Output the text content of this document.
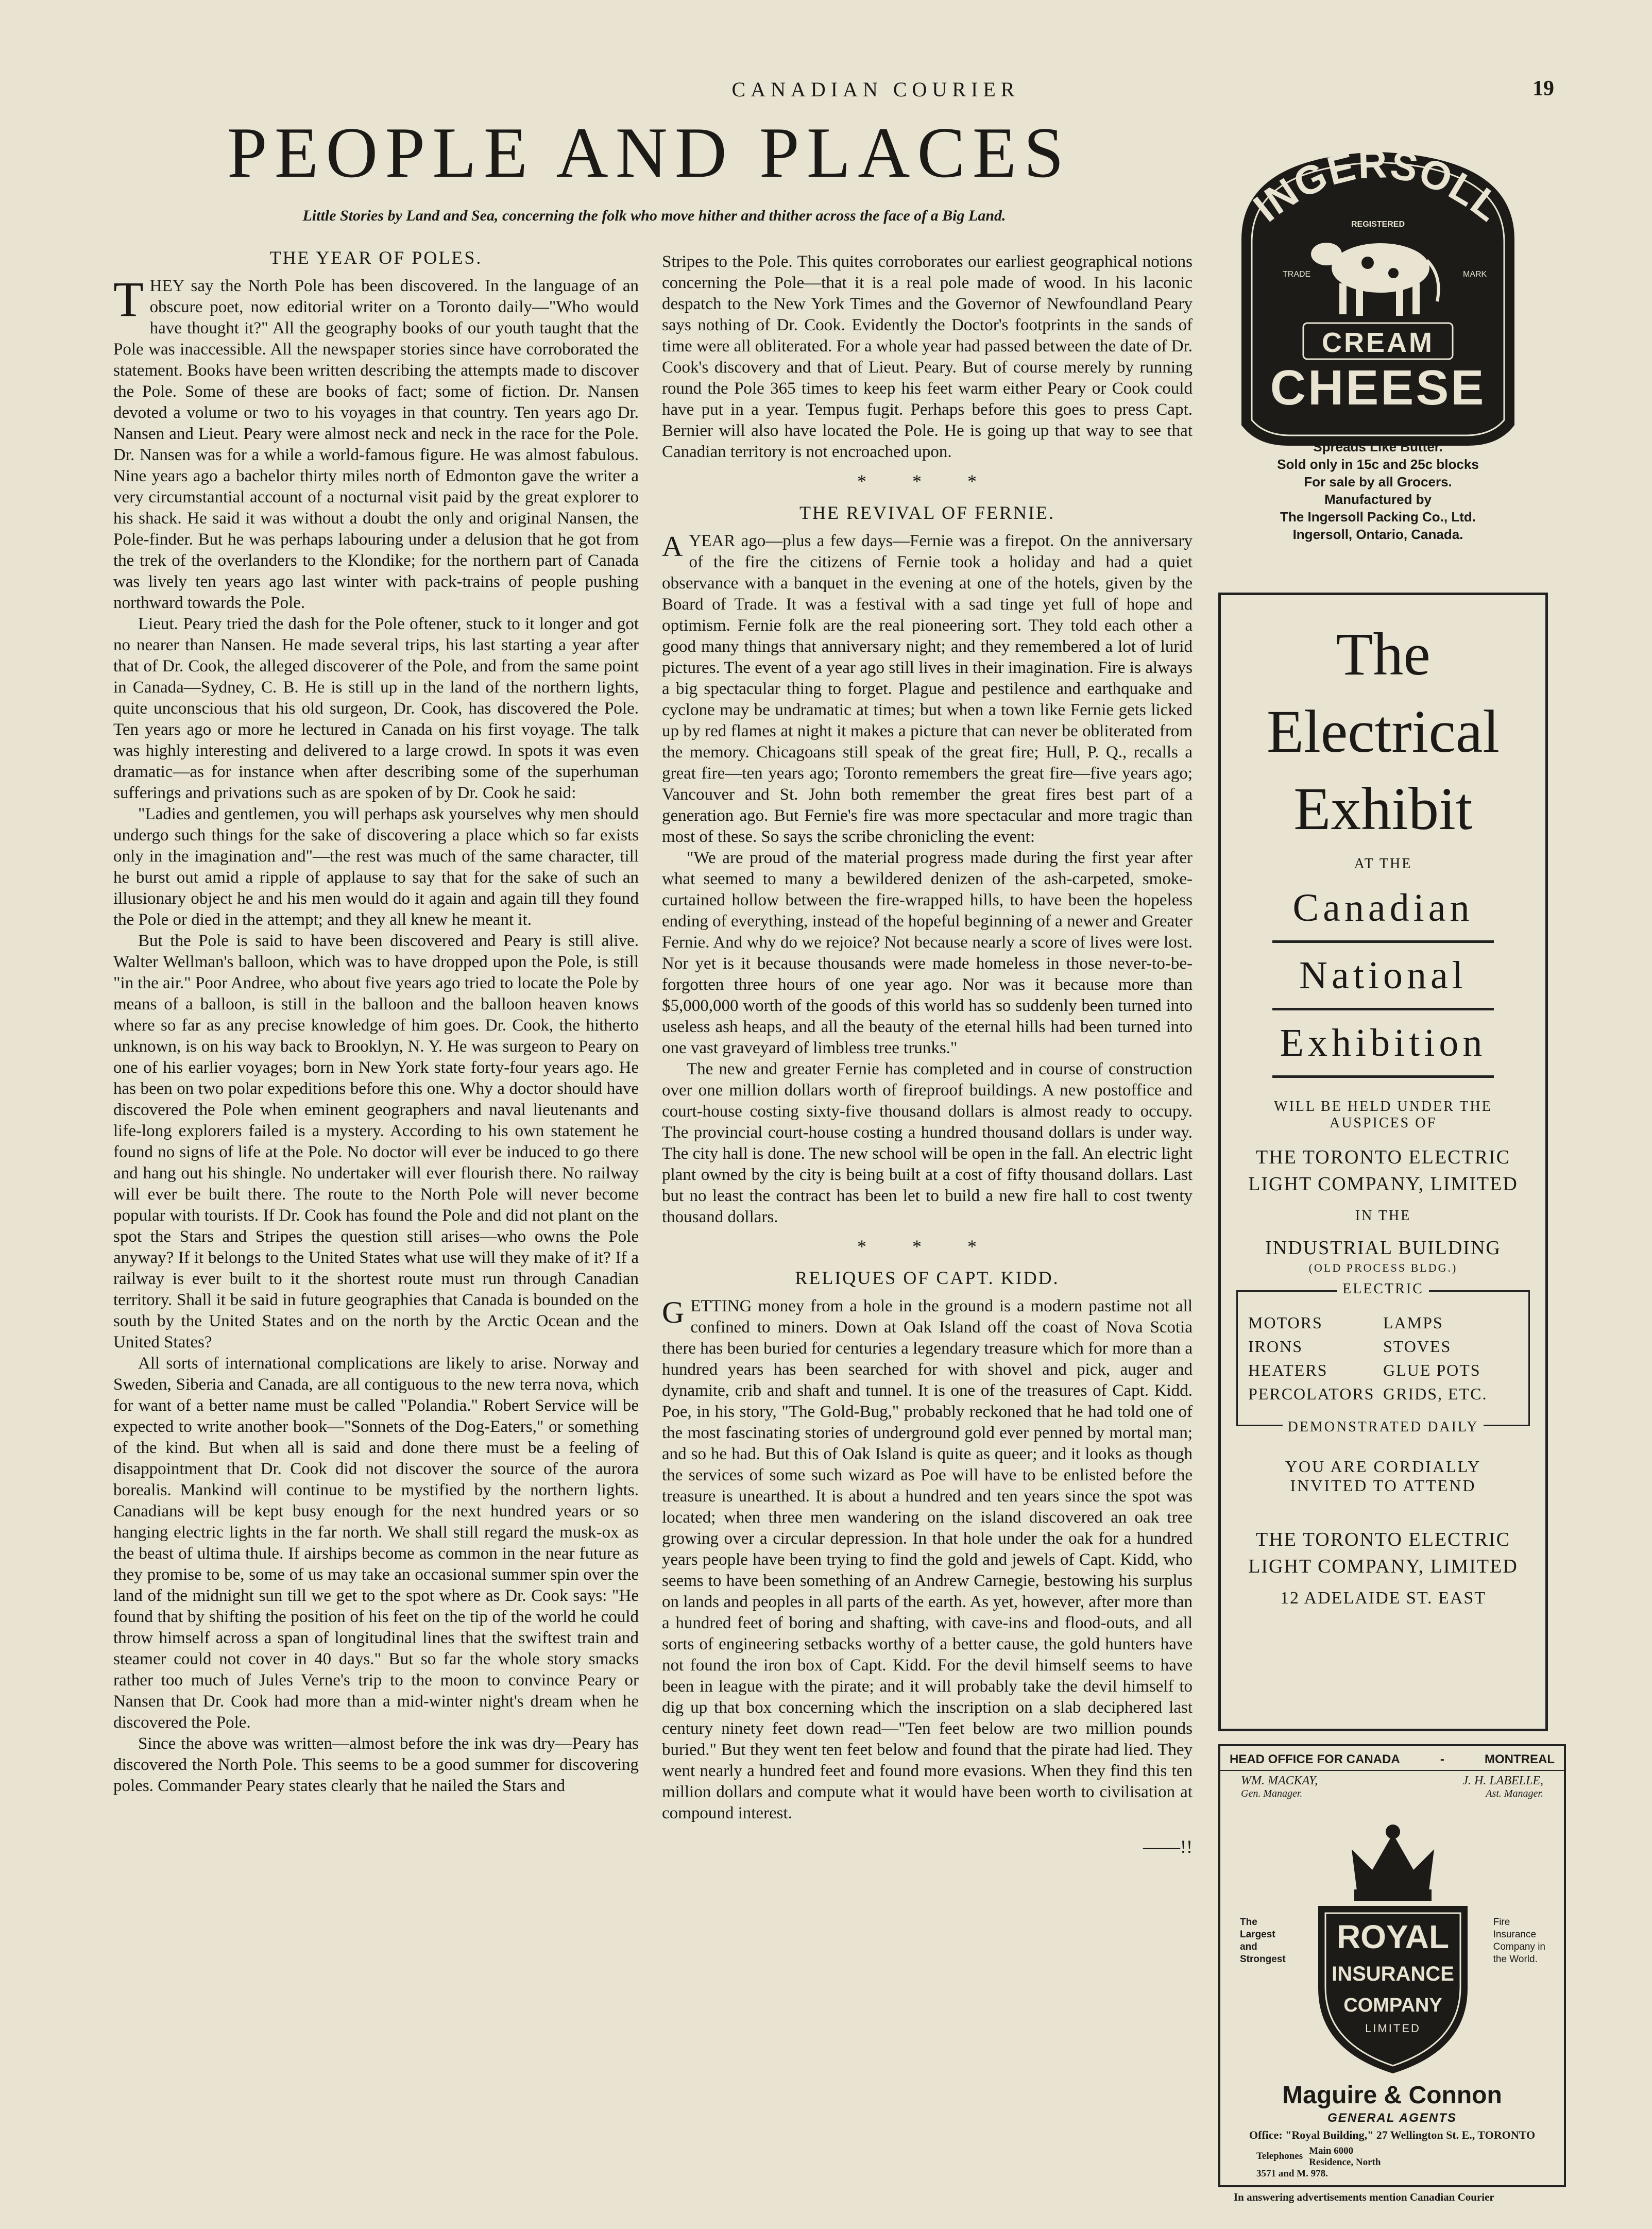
CANADIAN COURIER	19
PEOPLE AND PLACES
Little Stories by Land and Sea, concerning the folk who move hither and thither across the face of a Big Land.
THE YEAR OF POLES.

THEY say the North Pole has been discovered. In the language of an obscure poet, now editorial writer on a Toronto daily—"Who would have thought it?" All the geography books of our youth taught that the Pole was inaccessible. All the newspaper stories since have corroborated the statement. Books have been written describing the attempts made to discover the Pole. Some of these are books of fact; some of fiction. Dr. Nansen devoted a volume or two to his voyages in that country. Ten years ago Dr. Nansen and Lieut. Peary were almost neck and neck in the race for the Pole. Dr. Nansen was for a while a world-famous figure. He was almost fabulous. Nine years ago a bachelor thirty miles north of Edmonton gave the writer a very circumstantial account of a nocturnal visit paid by the great explorer to his shack. He said it was without a doubt the only and original Nansen, the Pole-finder. But he was perhaps labouring under a delusion that he got from the trek of the overlanders to the Klondike; for the northern part of Canada was lively ten years ago last winter with pack-trains of people pushing northward towards the Pole.

Lieut. Peary tried the dash for the Pole oftener, stuck to it longer and got no nearer than Nansen. He made several trips, his last starting a year after that of Dr. Cook, the alleged discoverer of the Pole, and from the same point in Canada—Sydney, C. B. He is still up in the land of the northern lights, quite unconscious that his old surgeon, Dr. Cook, has discovered the Pole. Ten years ago or more he lectured in Canada on his first voyage. The talk was highly interesting and delivered to a large crowd. In spots it was even dramatic—as for instance when after describing some of the superhuman sufferings and privations such as are spoken of by Dr. Cook he said:

"Ladies and gentlemen, you will perhaps ask yourselves why men should undergo such things for the sake of discovering a place which so far exists only in the imagination and"—the rest was much of the same character, till he burst out amid a ripple of applause to say that for the sake of such an illusionary object he and his men would do it again and again till they found the Pole or died in the attempt; and they all knew he meant it.

But the Pole is said to have been discovered and Peary is still alive. Walter Wellman's balloon, which was to have dropped upon the Pole, is still "in the air." Poor Andree, who about five years ago tried to locate the Pole by means of a balloon, is still in the balloon and the balloon heaven knows where so far as any precise knowledge of him goes. Dr. Cook, the hitherto unknown, is on his way back to Brooklyn, N. Y. He was surgeon to Peary on one of his earlier voyages; born in New York state forty-four years ago. He has been on two polar expeditions before this one. Why a doctor should have discovered the Pole when eminent geographers and naval lieutenants and life-long explorers failed is a mystery. According to his own statement he found no signs of life at the Pole. No doctor will ever be induced to go there and hang out his shingle. No undertaker will ever flourish there. No railway will ever be built there. The route to the North Pole will never become popular with tourists. If Dr. Cook has found the Pole and did not plant on the spot the Stars and Stripes the question still arises—who owns the Pole anyway? If it belongs to the United States what use will they make of it? If a railway is ever built to it the shortest route must run through Canadian territory. Shall it be said in future geographies that Canada is bounded on the south by the United States and on the north by the Arctic Ocean and the United States?

All sorts of international complications are likely to arise. Norway and Sweden, Siberia and Canada, are all contiguous to the new terra nova, which for want of a better name must be called "Polandia." Robert Service will be expected to write another book—"Sonnets of the Dog-Eaters," or something of the kind. But when all is said and done there must be a feeling of disappointment that Dr. Cook did not discover the source of the aurora borealis. Mankind will continue to be mystified by the northern lights. Canadians will be kept busy enough for the next hundred years or so hanging electric lights in the far north. We shall still regard the musk-ox as the beast of ultima thule. If airships become as common in the near future as they promise to be, some of us may take an occasional summer spin over the land of the midnight sun till we get to the spot where as Dr. Cook says: "He found that by shifting the position of his feet on the tip of the world he could throw himself across a span of longitudinal lines that the swiftest train and steamer could not cover in 40 days." But so far the whole story smacks rather too much of Jules Verne's trip to the moon to convince Peary or Nansen that Dr. Cook had more than a mid-winter night's dream when he discovered the Pole.

Since the above was written—almost before the ink was dry—Peary has discovered the North Pole. This seems to be a good summer for discovering poles. Commander Peary states clearly that he nailed the Stars and

Stripes to the Pole. This quites corroborates our earliest geographical notions concerning the Pole—that it is a real pole made of wood. In his laconic despatch to the New York Times and the Governor of Newfoundland Peary says nothing of Dr. Cook. Evidently the Doctor's footprints in the sands of time were all obliterated. For a whole year had passed between the date of Dr. Cook's discovery and that of Lieut. Peary. But of course merely by running round the Pole 365 times to keep his feet warm either Peary or Cook could have put in a year. Tempus fugit. Perhaps before this goes to press Capt. Bernier will also have located the Pole. He is going up that way to see that Canadian territory is not encroached upon.

* * *
THE REVIVAL OF FERNIE.

AYEAR ago—plus a few days—Fernie was a firepot. On the anniversary of the fire the citizens of Fernie took a holiday and had a quiet observance with a banquet in the evening at one of the hotels, given by the Board of Trade. It was a festival with a sad tinge yet full of hope and optimism. Fernie folk are the real pioneering sort. They told each other a good many things that anniversary night; and they remembered a lot of lurid pictures. The event of a year ago still lives in their imagination. Fire is always a big spectacular thing to forget. Plague and pestilence and earthquake and cyclone may be undramatic at times; but when a town like Fernie gets licked up by red flames at night it makes a picture that can never be obliterated from the memory. Chicagoans still speak of the great fire; Hull, P. Q., recalls a great fire—ten years ago; Toronto remembers the great fire—five years ago; Vancouver and St. John both remember the great fires best part of a generation ago. But Fernie's fire was more spectacular and more tragic than most of these. So says the scribe chronicling the event:

"We are proud of the material progress made during the first year after what seemed to many a bewildered denizen of the ash-carpeted, smoke-curtained hollow between the fire-wrapped hills, to have been the hopeless ending of everything, instead of the hopeful beginning of a newer and Greater Fernie. And why do we rejoice? Not because nearly a score of lives were lost. Nor yet is it because thousands were made homeless in those never-to-be-forgotten three hours of one year ago. Nor was it because more than $5,000,000 worth of the goods of this world has so suddenly been turned into useless ash heaps, and all the beauty of the eternal hills had been turned into one vast graveyard of limbless tree trunks."

The new and greater Fernie has completed and in course of construction over one million dollars worth of fireproof buildings. A new postoffice and court-house costing sixty-five thousand dollars is almost ready to occupy. The provincial court-house costing a hundred thousand dollars is under way. The city hall is done. The new school will be open in the fall. An electric light plant owned by the city is being built at a cost of fifty thousand dollars. Last but no least the contract has been let to build a new fire hall to cost twenty thousand dollars.

* * *
RELIQUES OF CAPT. KIDD.

GETTING money from a hole in the ground is a modern pastime not all confined to miners. Down at Oak Island off the coast of Nova Scotia there has been buried for centuries a legendary treasure which for more than a hundred years has been searched for with shovel and pick, auger and dynamite, crib and shaft and tunnel. It is one of the treasures of Capt. Kidd. Poe, in his story, "The Gold-Bug," probably reckoned that he had told one of the most fascinating stories of underground gold ever penned by mortal man; and so he had. But this of Oak Island is quite as queer; and it looks as though the services of some such wizard as Poe will have to be enlisted before the treasure is unearthed. It is about a hundred and ten years since the spot was located; when three men wandering on the island discovered an oak tree growing over a circular depression. In that hole under the oak for a hundred years people have been trying to find the gold and jewels of Capt. Kidd, who seems to have been something of an Andrew Carnegie, bestowing his surplus on lands and peoples in all parts of the earth. As yet, however, after more than a hundred feet of boring and shafting, with cave-ins and flood-outs, and all sorts of engineering setbacks worthy of a better cause, the gold hunters have not found the iron box of Capt. Kidd. For the devil himself seems to have been in league with the pirate; and it will probably take the devil himself to dig up that box concerning which the inscription on a slab deciphered last century ninety feet down read—"Ten feet below are two million pounds buried." But they went ten feet below and found that the pirate had lied. They went nearly a hundred feet and found more evasions. When they find this ten million dollars and compute what it would have been worth to civilisation at compound interest.

——!!
INGERSOLL
REGISTERED
TRADE	MARK
CREAM
CHEESE
"Spreads Like Butter."
Sold only in 15c and 25c blocks
For sale by all Grocers.
Manufactured by
The Ingersoll Packing Co., Ltd.
Ingersoll, Ontario, Canada.
The
Electrical
Exhibit
AT THE
Canadian
National
Exhibition
WILL BE HELD UNDER THE
AUSPICES OF
THE TORONTO ELECTRIC
LIGHT COMPANY, LIMITED
IN THE
INDUSTRIAL BUILDING
(OLD PROCESS BLDG.)
ELECTRIC
MOTORS	LAMPS
IRONS	STOVES
HEATERS	GLUE POTS
PERCOLATORS GRIDS, ETC.
DEMONSTRATED DAILY
YOU ARE CORDIALLY
INVITED TO ATTEND
THE TORONTO ELECTRIC
LIGHT COMPANY, LIMITED
12 ADELAIDE ST. EAST
HEAD OFFICE FOR CANADA	-	MONTREAL
WM. MACKAY,	J. H. LABELLE,
Gen. Manager.	Ast. Manager.
The
Largest
and
Strongest
Fire
Insurance
Company in
the World.
ROYAL
INSURANCE
COMPANY
LIMITED
Maguire & Connon
GENERAL AGENTS
Office: "Royal Building," 27 Wellington St. E., TORONTO
Telephones Main 6000
Residence, North 3571 and M. 978.
In answering advertisements mention Canadian Courier
